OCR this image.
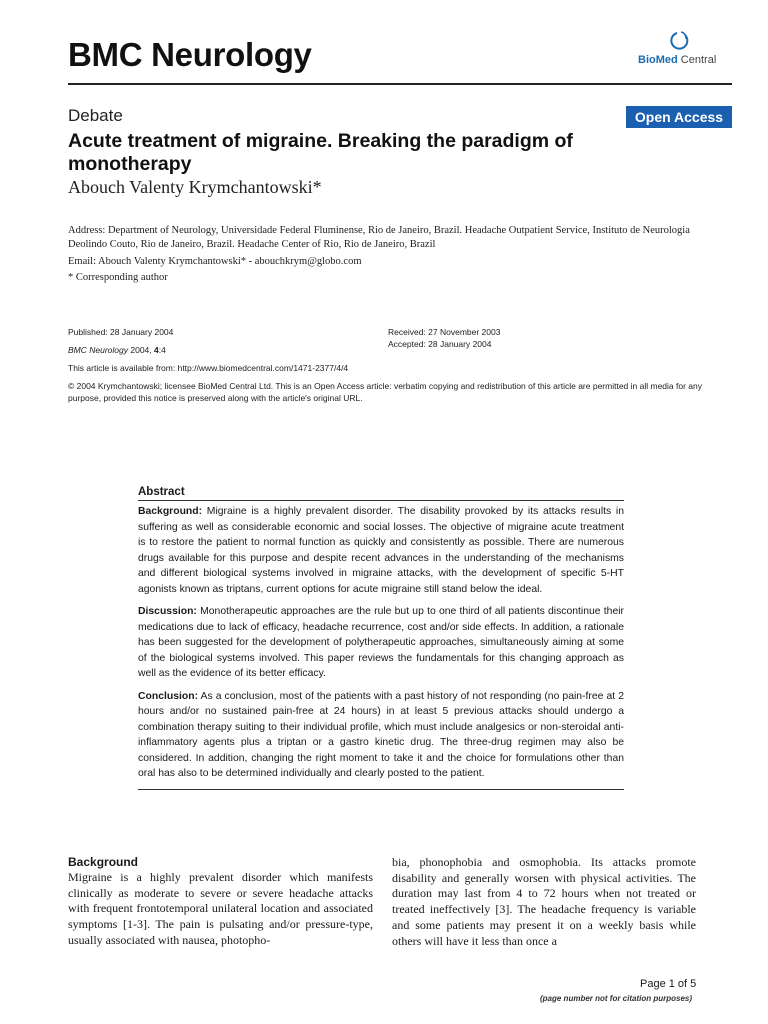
BMC Neurology	BioMed Central
Debate	Open Access
Acute treatment of migraine. Breaking the paradigm of monotherapy
Abouch Valenty Krymchantowski*
Address: Department of Neurology, Universidade Federal Fluminense, Rio de Janeiro, Brazil. Headache Outpatient Service, Instituto de Neurologia Deolindo Couto, Rio de Janeiro, Brazil. Headache Center of Rio, Rio de Janeiro, Brazil
Email: Abouch Valenty Krymchantowski* - abouchkrym@globo.com
* Corresponding author
Published: 28 January 2004
BMC Neurology 2004, 4:4
Received: 27 November 2003
Accepted: 28 January 2004
This article is available from: http://www.biomedcentral.com/1471-2377/4/4
© 2004 Krymchantowski; licensee BioMed Central Ltd. This is an Open Access article: verbatim copying and redistribution of this article are permitted in all media for any purpose, provided this notice is preserved along with the article's original URL.
Abstract

Background: Migraine is a highly prevalent disorder. The disability provoked by its attacks results in suffering as well as considerable economic and social losses. The objective of migraine acute treatment is to restore the patient to normal function as quickly and consistently as possible. There are numerous drugs available for this purpose and despite recent advances in the understanding of the mechanisms and different biological systems involved in migraine attacks, with the development of specific 5-HT agonists known as triptans, current options for acute migraine still stand below the ideal.

Discussion: Monotherapeutic approaches are the rule but up to one third of all patients discontinue their medications due to lack of efficacy, headache recurrence, cost and/or side effects. In addition, a rationale has been suggested for the development of polytherapeutic approaches, simultaneously aiming at some of the biological systems involved. This paper reviews the fundamentals for this changing approach as well as the evidence of its better efficacy.

Conclusion: As a conclusion, most of the patients with a past history of not responding (no pain-free at 2 hours and/or no sustained pain-free at 24 hours) in at least 5 previous attacks should undergo a combination therapy suiting to their individual profile, which must include analgesics or non-steroidal anti-inflammatory agents plus a triptan or a gastro kinetic drug. The three-drug regimen may also be considered. In addition, changing the right moment to take it and the choice for formulations other than oral has also to be determined individually and clearly posted to the patient.

Background
Migraine is a highly prevalent disorder which manifests clinically as moderate to severe or severe headache attacks with frequent frontotemporal unilateral location and associated symptoms [1-3]. The pain is pulsating and/or pressure-type, usually associated with nausea, photopho-
bia, phonophobia and osmophobia. Its attacks promote disability and generally worsen with physical activities. The duration may last from 4 to 72 hours when not treated or treated ineffectively [3]. The headache frequency is variable and some patients may present it on a weekly basis while others will have it less than once a
Page 1 of 5
(page number not for citation purposes)
